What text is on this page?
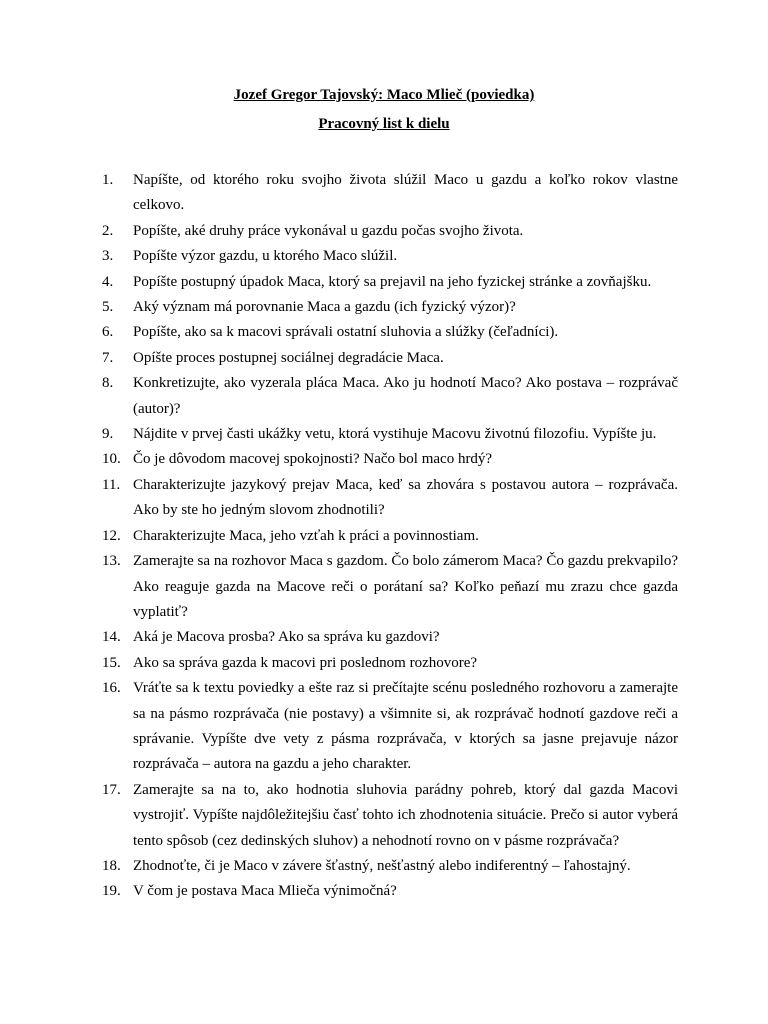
Jozef Gregor Tajovský: Maco Mlieč (poviedka)
Pracovný list k dielu
1.	Napíšte, od ktorého roku svojho života slúžil Maco u gazdu a koľko rokov vlastne celkovo.
2.	Popíšte, aké druhy práce vykonával u gazdu počas svojho života.
3.	Popíšte výzor gazdu, u ktorého Maco slúžil.
4.	Popíšte postupný úpadok Maca, ktorý sa prejavil na jeho fyzickej stránke a zovňajšku.
5.	Aký význam má porovnanie Maca a gazdu (ich fyzický výzor)?
6.	Popíšte, ako sa k macovi správali ostatní sluhovia a slúžky (čeľadníci).
7.	Opíšte proces postupnej sociálnej degradácie Maca.
8.	Konkretizujte, ako vyzerala pláca Maca. Ako ju hodnotí Maco? Ako postava – rozprávač (autor)?
9.	Nájdite v prvej časti ukážky vetu, ktorá vystihuje Macovu životnú filozofiu. Vypíšte ju.
10. Čo je dôvodom macovej spokojnosti? Načo bol maco hrdý?
11. Charakterizujte jazykový prejav Maca, keď sa zhovára s postavou autora – rozprávača. Ako by ste ho jedným slovom zhodnotili?
12. Charakterizujte Maca, jeho vzťah k práci a povinnostiam.
13. Zamerajte sa na rozhovor Maca s gazdom. Čo bolo zámerom Maca? Čo gazdu prekvapilo? Ako reaguje gazda na Macove reči o porátaní sa? Koľko peňazí mu zrazu chce gazda vyplatiť?
14. Aká je Macova prosba? Ako sa správa ku gazdovi?
15. Ako sa správa gazda k macovi pri poslednom rozhovore?
16. Vráťte sa k textu poviedky a ešte raz si prečítajte scénu posledného rozhovoru a zamerajte sa na pásmo rozprávača (nie postavy) a všimnite si, ak rozprávač hodnotí gazdove reči a správanie. Vypíšte dve vety z pásma rozprávača, v ktorých sa jasne prejavuje názor rozprávača – autora na gazdu a jeho charakter.
17. Zamerajte sa na to, ako hodnotia sluhovia parádny pohreb, ktorý dal gazda Macovi vystrojiť. Vypíšte najdôležitejšiu časť tohto ich zhodnotenia situácie. Prečo si autor vyberá tento spôsob (cez dedinských sluhov) a nehodnotí rovno on v pásme rozprávača?
18. Zhodnoťte, či je Maco v závere šťastný, nešťastný alebo indiferentný – ľahostajný.
19. V čom je postava Maca Mlieča výnimočná?
